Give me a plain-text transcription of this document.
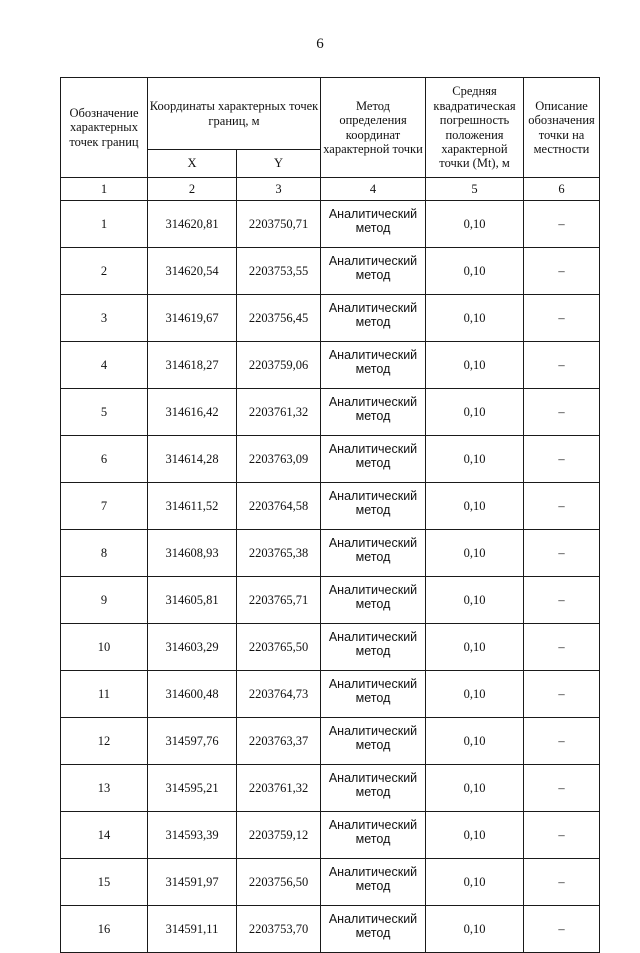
6
Обозначение характерных точек границ	Координаты характерных точек границ, м		Метод определения координат характерной точки	Средняя квадратическая погрешность положения характерной точки (Mt), м	Описание обозначения точки на местности
	X	Y			
1	2	3	4	5	6
1	314620,81	2203750,71	Аналитический метод	0,10	–
2	314620,54	2203753,55	Аналитический метод	0,10	–
3	314619,67	2203756,45	Аналитический метод	0,10	–
4	314618,27	2203759,06	Аналитический метод	0,10	–
5	314616,42	2203761,32	Аналитический метод	0,10	–
6	314614,28	2203763,09	Аналитический метод	0,10	–
7	314611,52	2203764,58	Аналитический метод	0,10	–
8	314608,93	2203765,38	Аналитический метод	0,10	–
9	314605,81	2203765,71	Аналитический метод	0,10	–
10	314603,29	2203765,50	Аналитический метод	0,10	–
11	314600,48	2203764,73	Аналитический метод	0,10	–
12	314597,76	2203763,37	Аналитический метод	0,10	–
13	314595,21	2203761,32	Аналитический метод	0,10	–
14	314593,39	2203759,12	Аналитический метод	0,10	–
15	314591,97	2203756,50	Аналитический метод	0,10	–
16	314591,11	2203753,70	Аналитический метод	0,10	–
